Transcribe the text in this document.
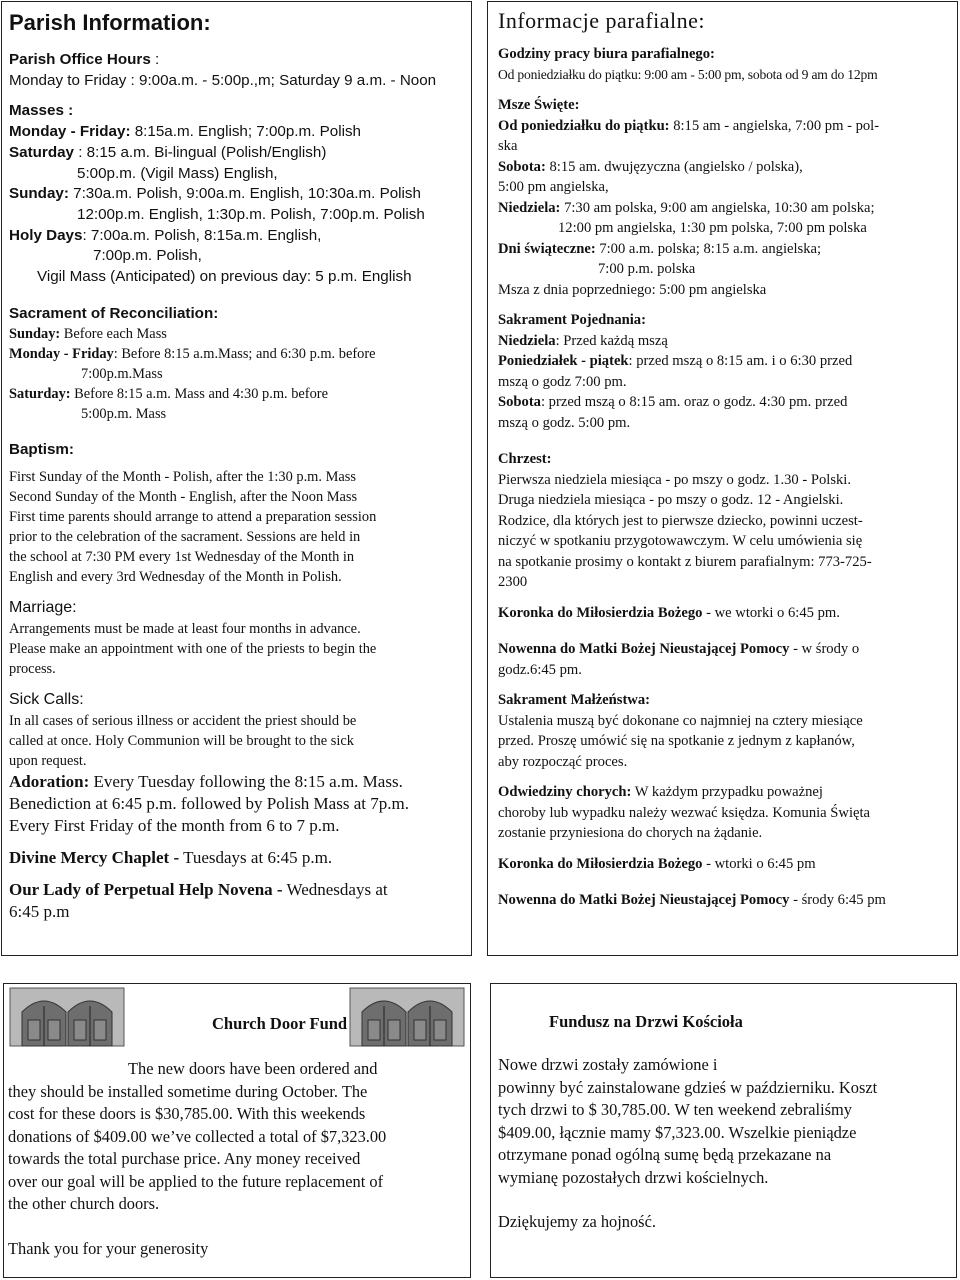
Parish Information:
Parish Office Hours :
Monday to Friday : 9:00a.m. - 5:00p.,m; Saturday 9 a.m. - Noon
Masses :
Monday - Friday: 8:15a.m. English; 7:00p.m. Polish
Saturday : 8:15 a.m. Bi-lingual (Polish/English)
5:00p.m. (Vigil Mass) English,
Sunday: 7:30a.m. Polish, 9:00a.m. English, 10:30a.m. Polish
12:00p.m. English, 1:30p.m. Polish, 7:00p.m. Polish
Holy Days: 7:00a.m. Polish, 8:15a.m. English,
7:00p.m. Polish,
Vigil Mass (Anticipated) on previous day: 5 p.m. English
Sacrament of Reconciliation:
Sunday: Before each Mass
Monday - Friday: Before 8:15 a.m.Mass; and 6:30 p.m. before
7:00p.m.Mass
Saturday: Before 8:15 a.m. Mass and 4:30 p.m. before
5:00p.m. Mass
Baptism:
First Sunday of the Month - Polish, after the 1:30 p.m. Mass
Second Sunday of the Month - English, after the Noon Mass
First time parents should arrange to attend a preparation session
prior to the celebration of the sacrament. Sessions are held in
the school at 7:30 PM every 1st Wednesday of the Month in
English and every 3rd Wednesday of the Month in Polish.
Marriage:
Arrangements must be made at least four months in advance.
Please make an appointment with one of the priests to begin the
process.
Sick Calls:
In all cases of serious illness or accident the priest should be
called at once. Holy Communion will be brought to the sick
upon request.
Adoration: Every Tuesday following the 8:15 a.m. Mass.
Benediction at 6:45 p.m. followed by Polish Mass at 7p.m.
Every First Friday of the month from 6 to 7 p.m.
Divine Mercy Chaplet - Tuesdays at 6:45 p.m.
Our Lady of Perpetual Help Novena - Wednesdays at
6:45 p.m
Informacje parafialne:
Godziny pracy biura parafialnego:
Od poniedziałku do piątku: 9:00 am - 5:00 pm, sobota od 9 am do 12pm
Msze Święte:
Od poniedziałku do piątku: 8:15 am - angielska, 7:00 pm - pol-
ska
Sobota: 8:15 am. dwujęzyczna (angielsko / polska),
5:00 pm angielska,
Niedziela: 7:30 am polska, 9:00 am angielska, 10:30 am polska;
12:00 pm angielska, 1:30 pm polska, 7:00 pm polska
Dni świąteczne: 7:00 a.m. polska; 8:15 a.m. angielska;
7:00 p.m. polska
Msza z dnia poprzedniego: 5:00 pm angielska
Sakrament Pojednania:
Niedziela: Przed każdą mszą
Poniedziałek - piątek: przed mszą o 8:15 am. i o 6:30 przed
mszą o godz 7:00 pm.
Sobota: przed mszą o 8:15 am. oraz o godz. 4:30 pm. przed
mszą o godz. 5:00 pm.
Chrzest:
Pierwsza niedziela miesiąca - po mszy o godz. 1.30 - Polski.
Druga niedziela miesiąca - po mszy o godz. 12 - Angielski.
Rodzice, dla których jest to pierwsze dziecko, powinni uczest-
niczyć w spotkaniu przygotowawczym. W celu umówienia się
na spotkanie prosimy o kontakt z biurem parafialnym: 773-725-
2300
Koronka do Miłosierdzia Bożego - we wtorki o 6:45 pm.
Nowenna do Matki Bożej Nieustającej Pomocy - w środy o
godz.6:45 pm.
Sakrament Małżeństwa:
Ustalenia muszą być dokonane co najmniej na cztery miesiące
przed. Proszę umówić się na spotkanie z jednym z kapłanów,
aby rozpocząć proces.
Odwiedziny chorych: W każdym przypadku poważnej
choroby lub wypadku należy wezwać księdza. Komunia Święta
zostanie przyniesiona do chorych na żądanie.
Koronka do Miłosierdzia Bożego - wtorki o 6:45 pm
Nowenna do Matki Bożej Nieustającej Pomocy - środy 6:45 pm
Church Door Fund
The new doors have been ordered and
they should be installed sometime during October. The
cost for these doors is $30,785.00. With this weekends
donations of $409.00 we’ve collected a total of $7,323.00
towards the total purchase price. Any money received
over our goal will be applied to the future replacement of
the other church doors.
Thank you for your generosity
Fundusz na Drzwi Kościoła
Nowe drzwi zostały zamówione i
powinny być zainstalowane gdzieś w październiku. Koszt
tych drzwi to $ 30,785.00. W ten weekend zebraliśmy
$409.00, łącznie mamy $7,323.00. Wszelkie pieniądze
otrzymane ponad ogólną sumę będą przekazane na
wymianę pozostałych drzwi kościelnych.
Dziękujemy za hojność.
